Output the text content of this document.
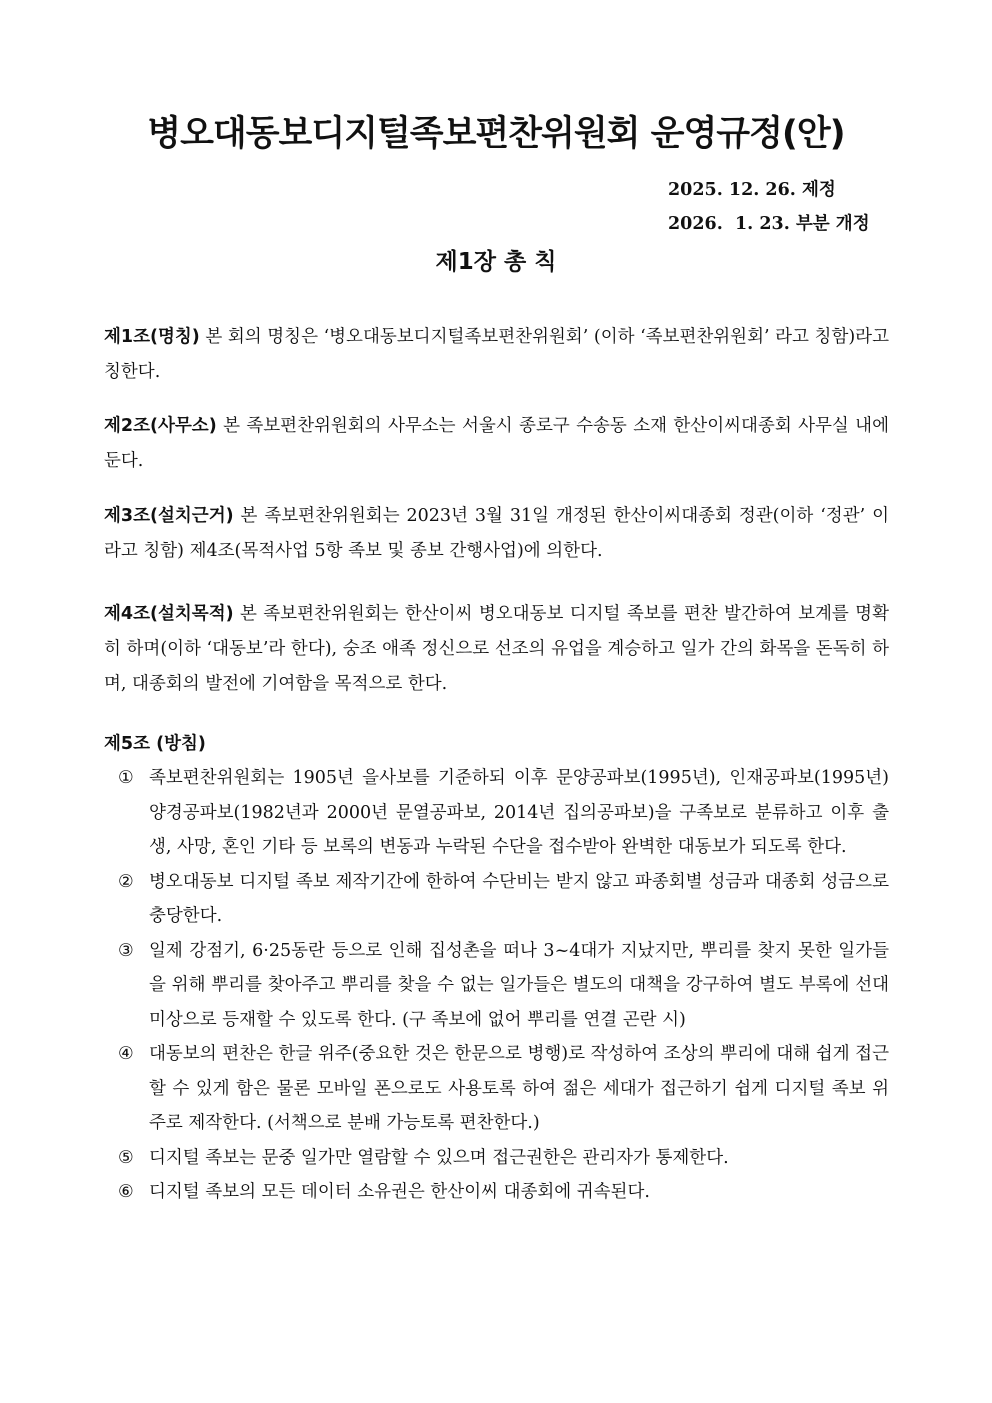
병오대동보디지털족보편찬위원회 운영규정(안)

2025. 12. 26. 제정

2026.  1. 23. 부분 개정

제1장 총 칙

제1조(명칭) 본 회의 명칭은 ‘병오대동보디지털족보편찬위원회’ (이하 ‘족보편찬위원회’ 라고 칭함)라고 칭한다.

제2조(사무소) 본 족보편찬위원회의 사무소는 서울시 종로구 수송동 소재 한산이씨대종회 사무실 내에 둔다.

제3조(설치근거) 본 족보편찬위원회는 2023년 3월 31일 개정된 한산이씨대종회 정관(이하 ‘정관’ 이라고 칭함) 제4조(목적사업 5항 족보 및 종보 간행사업)에 의한다.

제4조(설치목적) 본 족보편찬위원회는 한산이씨 병오대동보 디지털 족보를 편찬 발간하여 보계를 명확히 하며(이하 ‘대동보’라 한다), 숭조 애족 정신으로 선조의 유업을 계승하고 일가 간의 화목을 돈독히 하며, 대종회의 발전에 기여함을 목적으로 한다.

제5조 (방침)

① 족보편찬위원회는 1905년 을사보를 기준하되 이후 문양공파보(1995년), 인재공파보(1995년) 양경공파보(1982년과 2000년 문열공파보, 2014년 집의공파보)을 구족보로 분류하고 이후 출생, 사망, 혼인 기타 등 보록의 변동과 누락된 수단을 접수받아 완벽한 대동보가 되도록 한다.
② 병오대동보 디지털 족보 제작기간에 한하여 수단비는 받지 않고 파종회별 성금과 대종회 성금으로 충당한다.
③ 일제 강점기, 6·25동란 등으로 인해 집성촌을 떠나 3~4대가 지났지만, 뿌리를 찾지 못한 일가들을 위해 뿌리를 찾아주고 뿌리를 찾을 수 없는 일가들은 별도의 대책을 강구하여 별도 부록에 선대미상으로 등재할 수 있도록 한다. (구 족보에 없어 뿌리를 연결 곤란 시)
④ 대동보의 편찬은 한글 위주(중요한 것은 한문으로 병행)로 작성하여 조상의 뿌리에 대해 쉽게 접근할 수 있게 함은 물론 모바일 폰으로도 사용토록 하여 젊은 세대가 접근하기 쉽게 디지털 족보 위주로 제작한다. (서책으로 분배 가능토록 편찬한다.)
⑤ 디지털 족보는 문중 일가만 열람할 수 있으며 접근권한은 관리자가 통제한다.
⑥ 디지털 족보의 모든 데이터 소유권은 한산이씨 대종회에 귀속된다.
